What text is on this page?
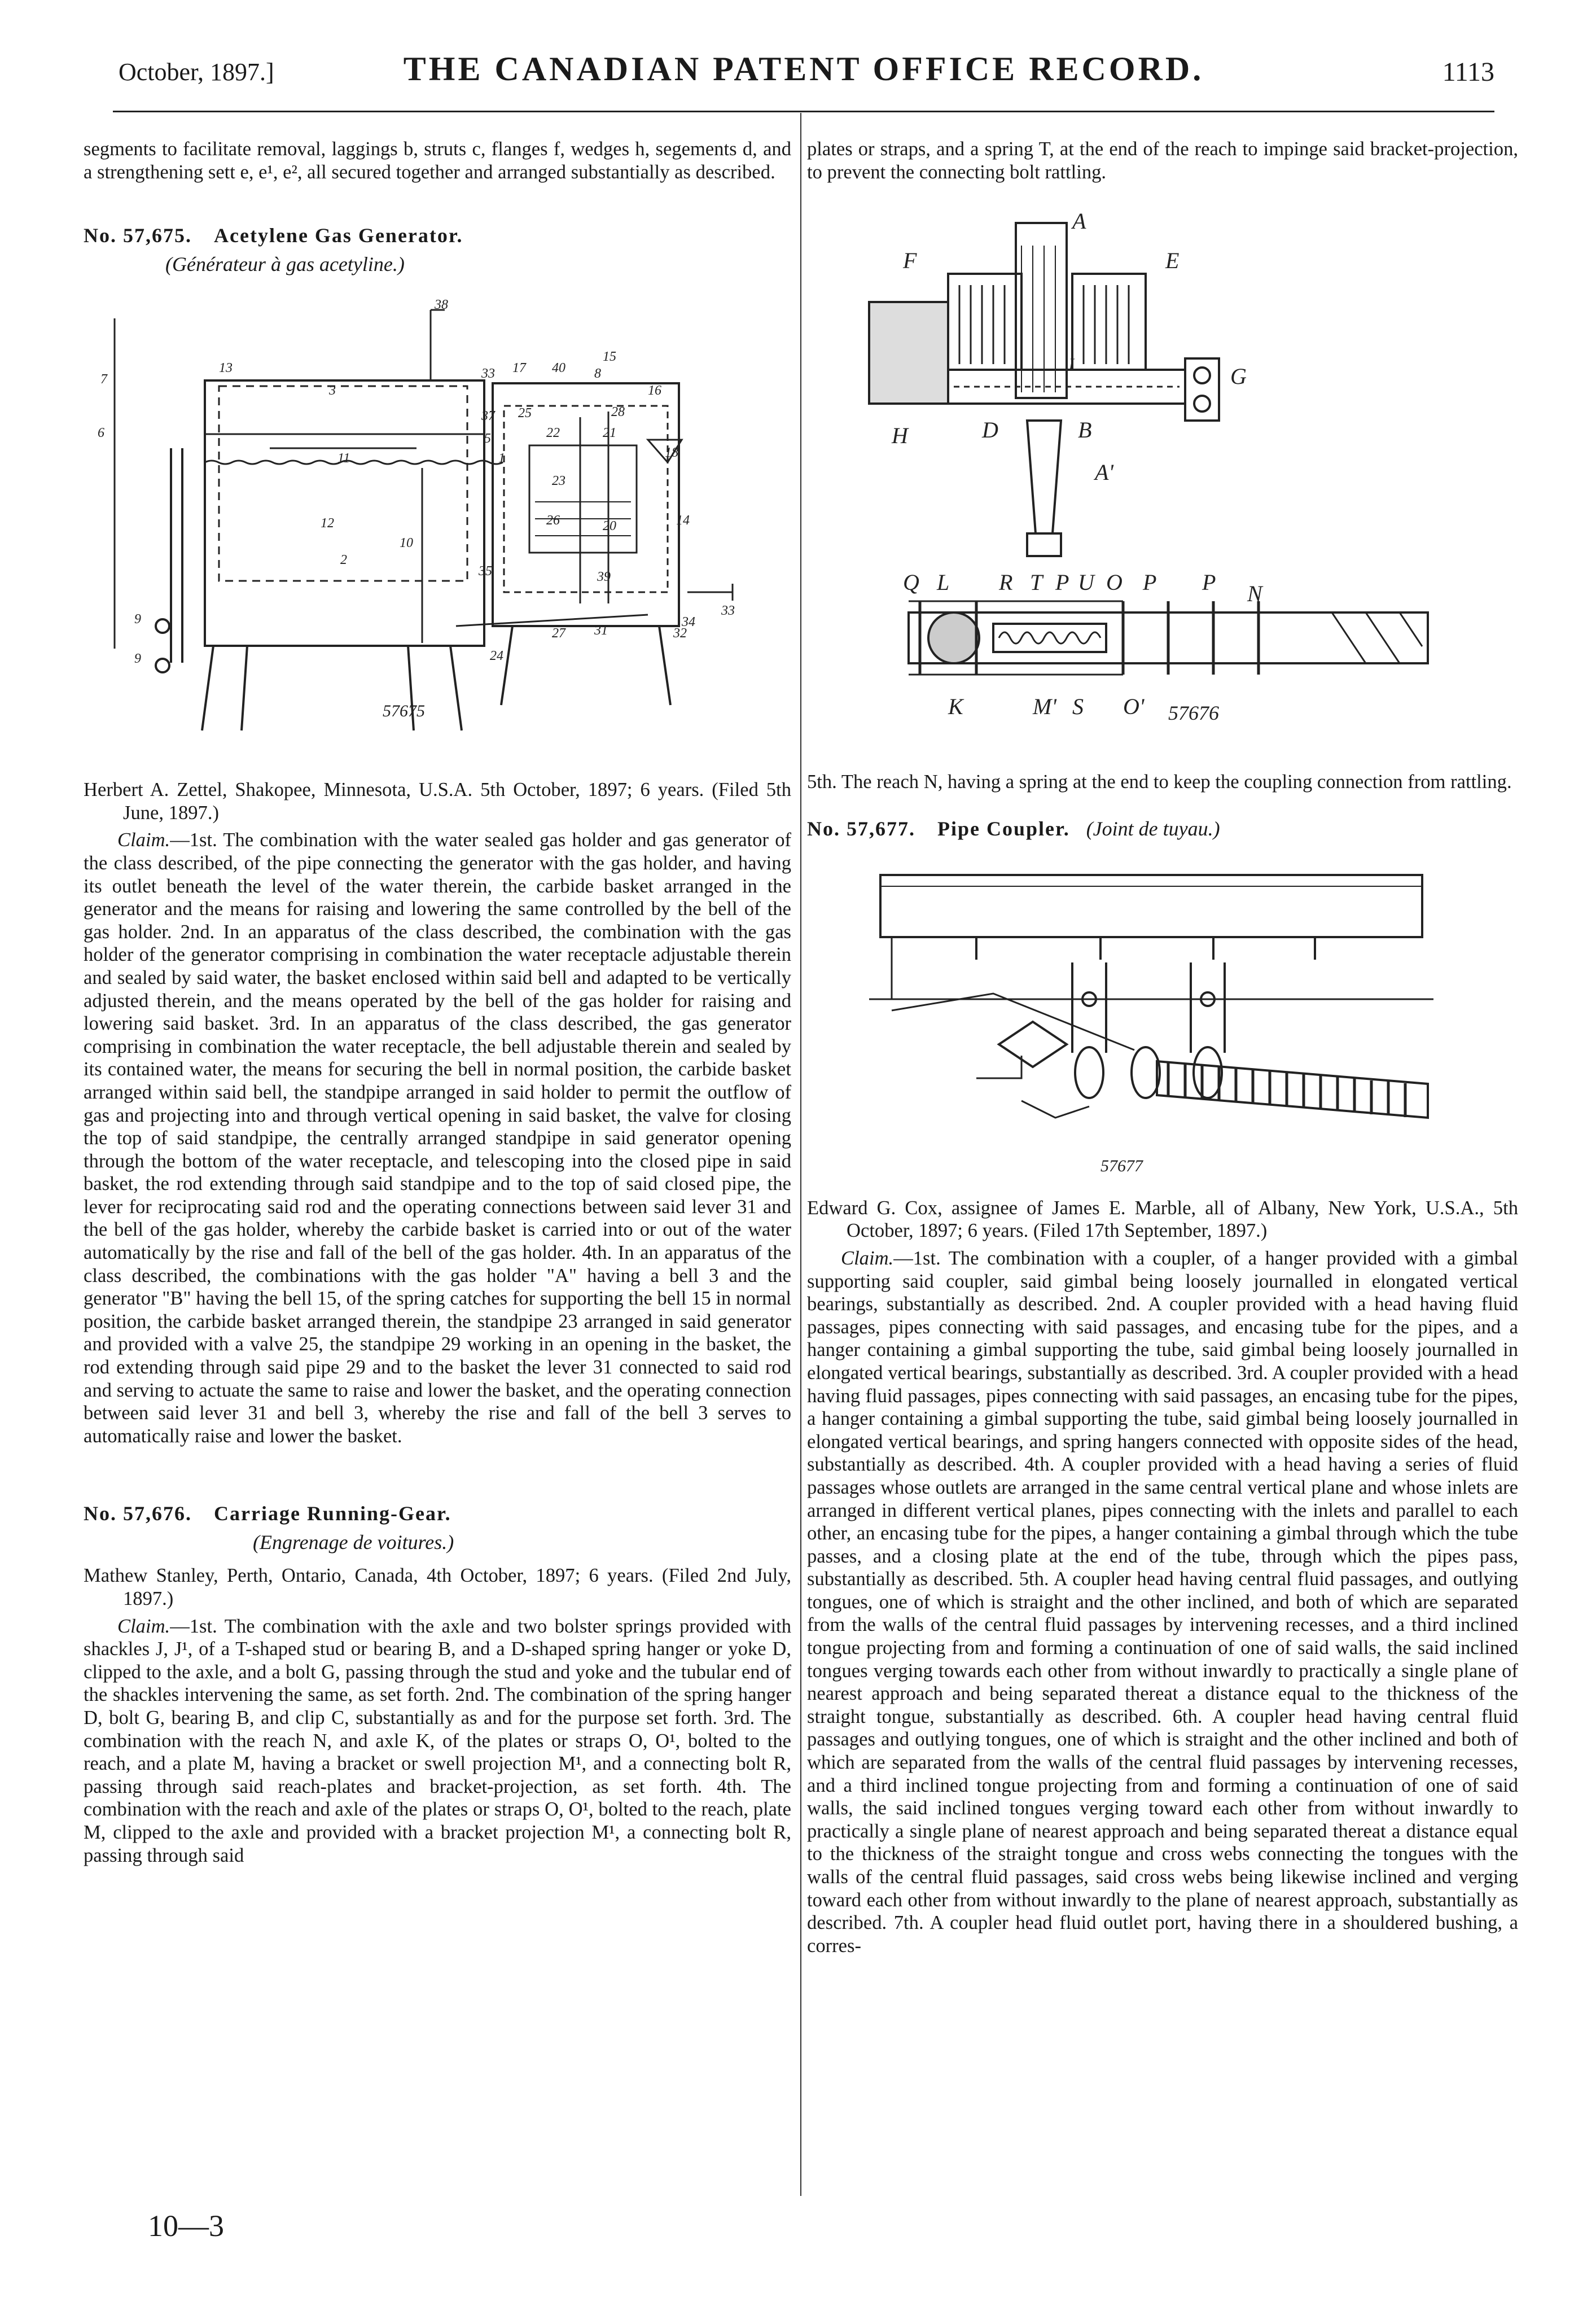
October, 1897.]	THE CANADIAN PATENT OFFICE RECORD.	1113

segments to facilitate removal, laggings b, struts c, flanges f, wedges h, segements d, and a strengthening sett e, e¹, e², all secured together and arranged substantially as described.

No. 57,675. Acetylene Gas Generator.

(Générateur à gas acetyline.)

38
7
13
3
33 17 40 8
15
16
37 25	28
5	22	21
6
11	18
23
12	14
20
26
10
2
35	39
31
34
33
24
27	32
9
9
1
57675

Herbert A. Zettel, Shakopee, Minnesota, U.S.A. 5th October, 1897; 6 years. (Filed 5th June, 1897.)

Claim.—1st. The combination with the water sealed gas holder and gas generator of the class described, of the pipe connecting the generator with the gas holder, and having its outlet beneath the level of the water therein, the carbide basket arranged in the generator and the means for raising and lowering the same controlled by the bell of the gas holder. 2nd. In an apparatus of the class described, the combination with the gas holder of the generator comprising in combination the water receptacle adjustable therein and sealed by said water, the basket enclosed within said bell and adapted to be vertically adjusted therein, and the means operated by the bell of the gas holder for raising and lowering said basket. 3rd. In an apparatus of the class described, the gas generator comprising in combination the water receptacle, the bell adjustable therein and sealed by its contained water, the means for securing the bell in normal position, the carbide basket arranged within said bell, the standpipe arranged in said holder to permit the outflow of gas and projecting into and through vertical opening in said basket, the valve for closing the top of said standpipe, the centrally arranged standpipe in said generator opening through the bottom of the water receptacle, and telescoping into the closed pipe in said basket, the rod extending through said standpipe and to the top of said closed pipe, the lever for reciprocating said rod and the operating connections between said lever 31 and the bell of the gas holder, whereby the carbide basket is carried into or out of the water automatically by the rise and fall of the bell of the gas holder. 4th. In an apparatus of the class described, the combinations with the gas holder "A" having a bell 3 and the generator "B" having the bell 15, of the spring catches for supporting the bell 15 in normal position, the carbide basket arranged therein, the standpipe 23 arranged in said generator and provided with a valve 25, the standpipe 29 working in an opening in the basket, the rod extending through said pipe 29 and to the basket the lever 31 connected to said rod and serving to actuate the same to raise and lower the basket, and the operating connection between said lever 31 and bell 3, whereby the rise and fall of the bell 3 serves to automatically raise and lower the basket.

No. 57,676. Carriage Running-Gear.

(Engrenage de voitures.)

Mathew Stanley, Perth, Ontario, Canada, 4th October, 1897; 6 years. (Filed 2nd July, 1897.)

Claim.—1st. The combination with the axle and two bolster springs provided with shackles J, J¹, of a T-shaped stud or bearing B, and a D-shaped spring hanger or yoke D, clipped to the axle, and a bolt G, passing through the stud and yoke and the tubular end of the shackles intervening the same, as set forth. 2nd. The combination of the spring hanger D, bolt G, bearing B, and clip C, substantially as and for the purpose set forth. 3rd. The combination with the reach N, and axle K, of the plates or straps O, O¹, bolted to the reach, and a plate M, having a bracket or swell projection M¹, and a connecting bolt R, passing through said reach-plates and bracket-projection, as set forth. 4th. The combination with the reach and axle of the plates or straps O, O¹, bolted to the reach, plate M, clipped to the axle and provided with a bracket projection M¹, a connecting bolt R, passing through said

10—3

plates or straps, and a spring T, at the end of the reach to impinge said bracket-projection, to prevent the connecting bolt rattling.

A
F	E
J	G
H	D	B
A'
Q L R T P U O P P N
K	M' S O' 57676

5th. The reach N, having a spring at the end to keep the coupling connection from rattling.

No. 57,677. Pipe Coupler. (Joint de tuyau.)

57677

Edward G. Cox, assignee of James E. Marble, all of Albany, New York, U.S.A., 5th October, 1897; 6 years. (Filed 17th September, 1897.)

Claim.—1st. The combination with a coupler, of a hanger provided with a gimbal supporting said coupler, said gimbal being loosely journalled in elongated vertical bearings, substantially as described. 2nd. A coupler provided with a head having fluid passages, pipes connecting with said passages, and encasing tube for the pipes, and a hanger containing a gimbal supporting the tube, said gimbal being loosely journalled in elongated vertical bearings, substantially as described. 3rd. A coupler provided with a head having fluid passages, pipes connecting with said passages, an encasing tube for the pipes, a hanger containing a gimbal supporting the tube, said gimbal being loosely journalled in elongated vertical bearings, and spring hangers connected with opposite sides of the head, substantially as described. 4th. A coupler provided with a head having a series of fluid passages whose outlets are arranged in the same central vertical plane and whose inlets are arranged in different vertical planes, pipes connecting with the inlets and parallel to each other, an encasing tube for the pipes, a hanger containing a gimbal through which the tube passes, and a closing plate at the end of the tube, through which the pipes pass, substantially as described. 5th. A coupler head having central fluid passages, and outlying tongues, one of which is straight and the other inclined, and both of which are separated from the walls of the central fluid passages by intervening recesses, and a third inclined tongue projecting from and forming a continuation of one of said walls, the said inclined tongues verging towards each other from without inwardly to practically a single plane of nearest approach and being separated thereat a distance equal to the thickness of the straight tongue, substantially as described. 6th. A coupler head having central fluid passages and outlying tongues, one of which is straight and the other inclined and both of which are separated from the walls of the central fluid passages by intervening recesses, and a third inclined tongue projecting from and forming a continuation of one of said walls, the said inclined tongues verging toward each other from without inwardly to practically a single plane of nearest approach and being separated thereat a distance equal to the thickness of the straight tongue and cross webs connecting the tongues with the walls of the central fluid passages, said cross webs being likewise inclined and verging toward each other from without inwardly to the plane of nearest approach, substantially as described. 7th. A coupler head fluid outlet port, having there in a shouldered bushing, a corres-
